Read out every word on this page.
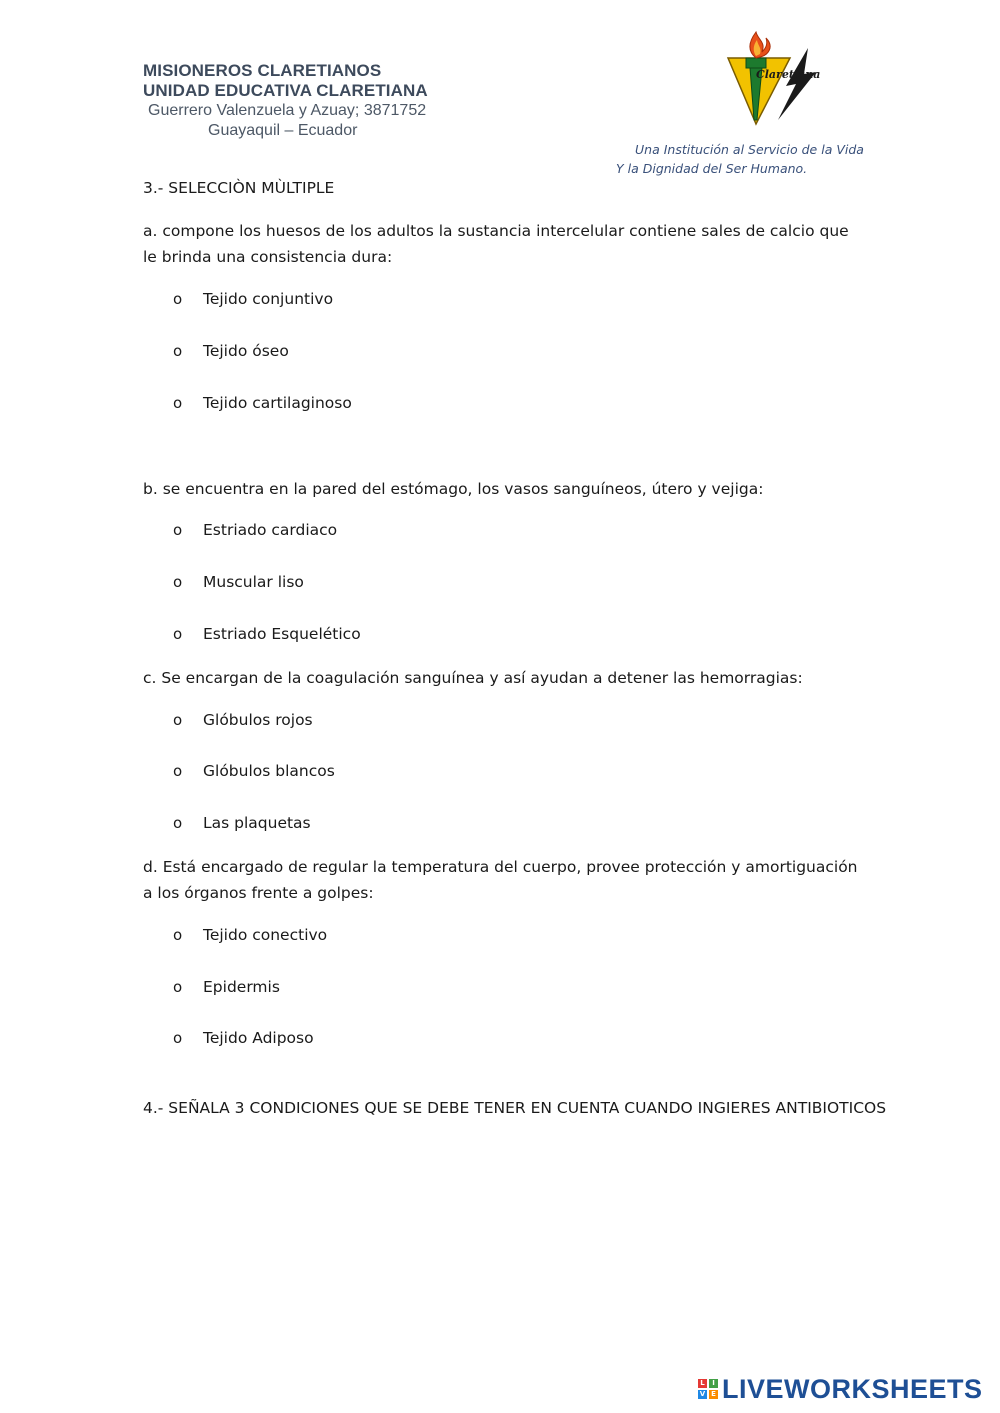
MISIONEROS CLARETIANOS
UNIDAD EDUCATIVA CLARETIANA
Guerrero Valenzuela y Azuay; 3871752
Guayaquil – Ecuador
Claretiana
Una Institución al Servicio de la Vida
Y la Dignidad del Ser Humano.
3.- SELECCIÒN MÙLTIPLE
a. compone los huesos de los adultos la sustancia intercelular contiene sales de calcio que le brinda una consistencia dura:
o Tejido conjuntivo
o Tejido óseo
o Tejido cartilaginoso
b. se encuentra en la pared del estómago, los vasos sanguíneos, útero y vejiga:
o Estriado cardiaco
o Muscular liso
o Estriado Esquelético
c. Se encargan de la coagulación sanguínea y así ayudan a detener las hemorragias:
o Glóbulos rojos
o Glóbulos blancos
o Las plaquetas
d. Está encargado de regular la temperatura del cuerpo, provee protección y amortiguación a los órganos frente a golpes:
o Tejido conectivo
o Epidermis
o Tejido Adiposo
4.- SEÑALA 3 CONDICIONES QUE SE DEBE TENER EN CUENTA CUANDO INGIERES ANTIBIOTICOS
L	I
V E LIVEWORKSHEETS
